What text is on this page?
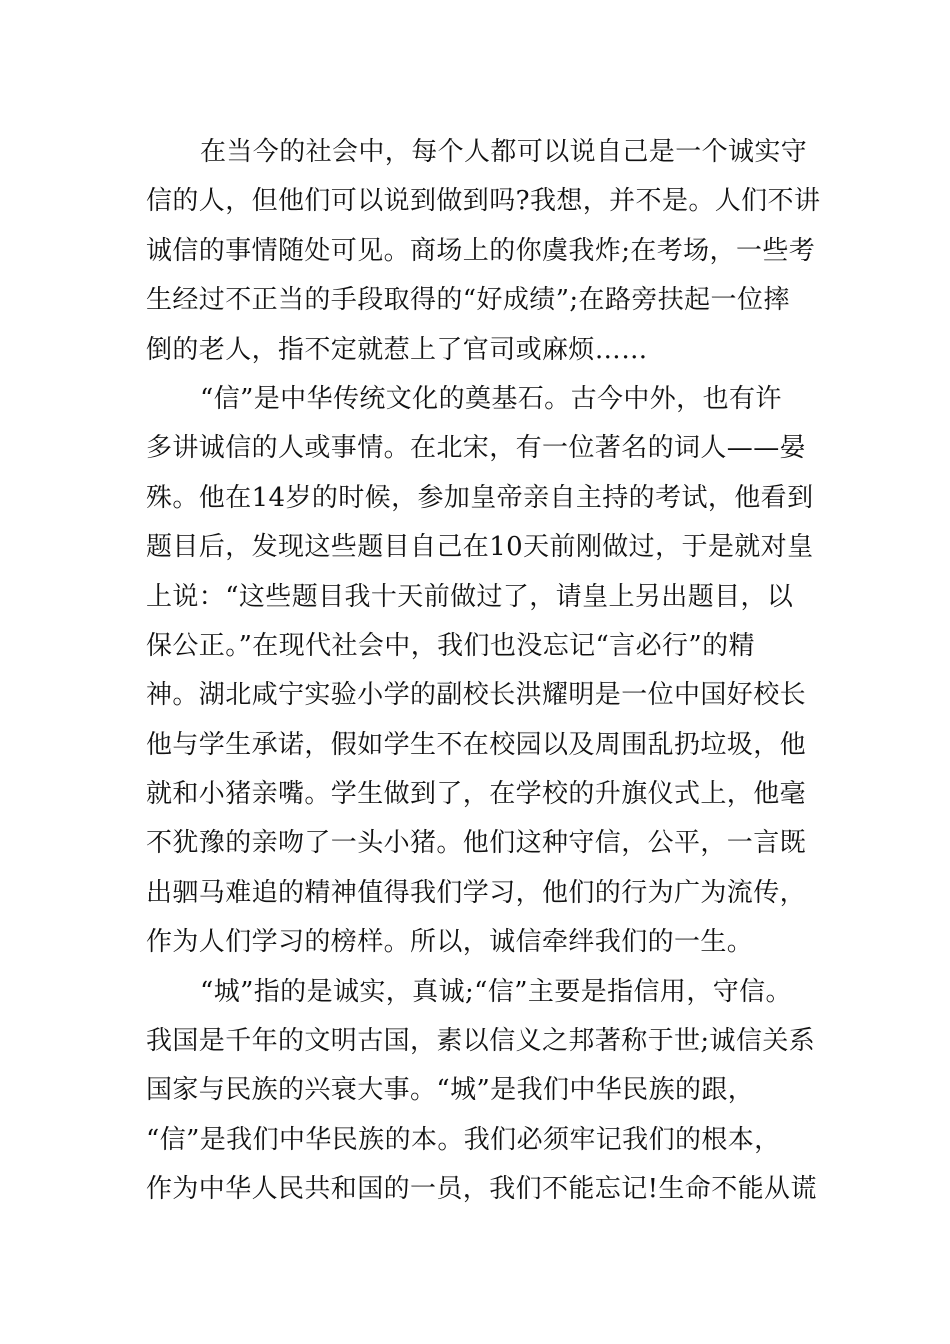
在当今的社会中，每个人都可以说自己是一个诚实守
信的人，但他们可以说到做到吗?我想，并不是。人们不讲
诚信的事情随处可见。商场上的你虞我炸;在考场，一些考
生经过不正当的手段取得的“好成绩”;在路旁扶起一位摔
倒的老人，指不定就惹上了官司或麻烦……
“信”是中华传统文化的奠基石。古今中外，也有许
多讲诚信的人或事情。在北宋，有一位著名的词人——晏
殊。他在14岁的时候，参加皇帝亲自主持的考试，他看到
题目后，发现这些题目自己在10天前刚做过，于是就对皇
上说：“这些题目我十天前做过了，请皇上另出题目，以
保公正。”在现代社会中，我们也没忘记“言必行”的精
神。湖北咸宁实验小学的副校长洪耀明是一位中国好校长
他与学生承诺，假如学生不在校园以及周围乱扔垃圾，他
就和小猪亲嘴。学生做到了，在学校的升旗仪式上，他毫
不犹豫的亲吻了一头小猪。他们这种守信，公平，一言既
出驷马难追的精神值得我们学习，他们的行为广为流传，
作为人们学习的榜样。所以，诚信牵绊我们的一生。
“城”指的是诚实，真诚;“信”主要是指信用，守信。
我国是千年的文明古国，素以信义之邦著称于世;诚信关系
国家与民族的兴衰大事。“城”是我们中华民族的跟，
“信”是我们中华民族的本。我们必须牢记我们的根本，
作为中华人民共和国的一员，我们不能忘记!生命不能从谎
